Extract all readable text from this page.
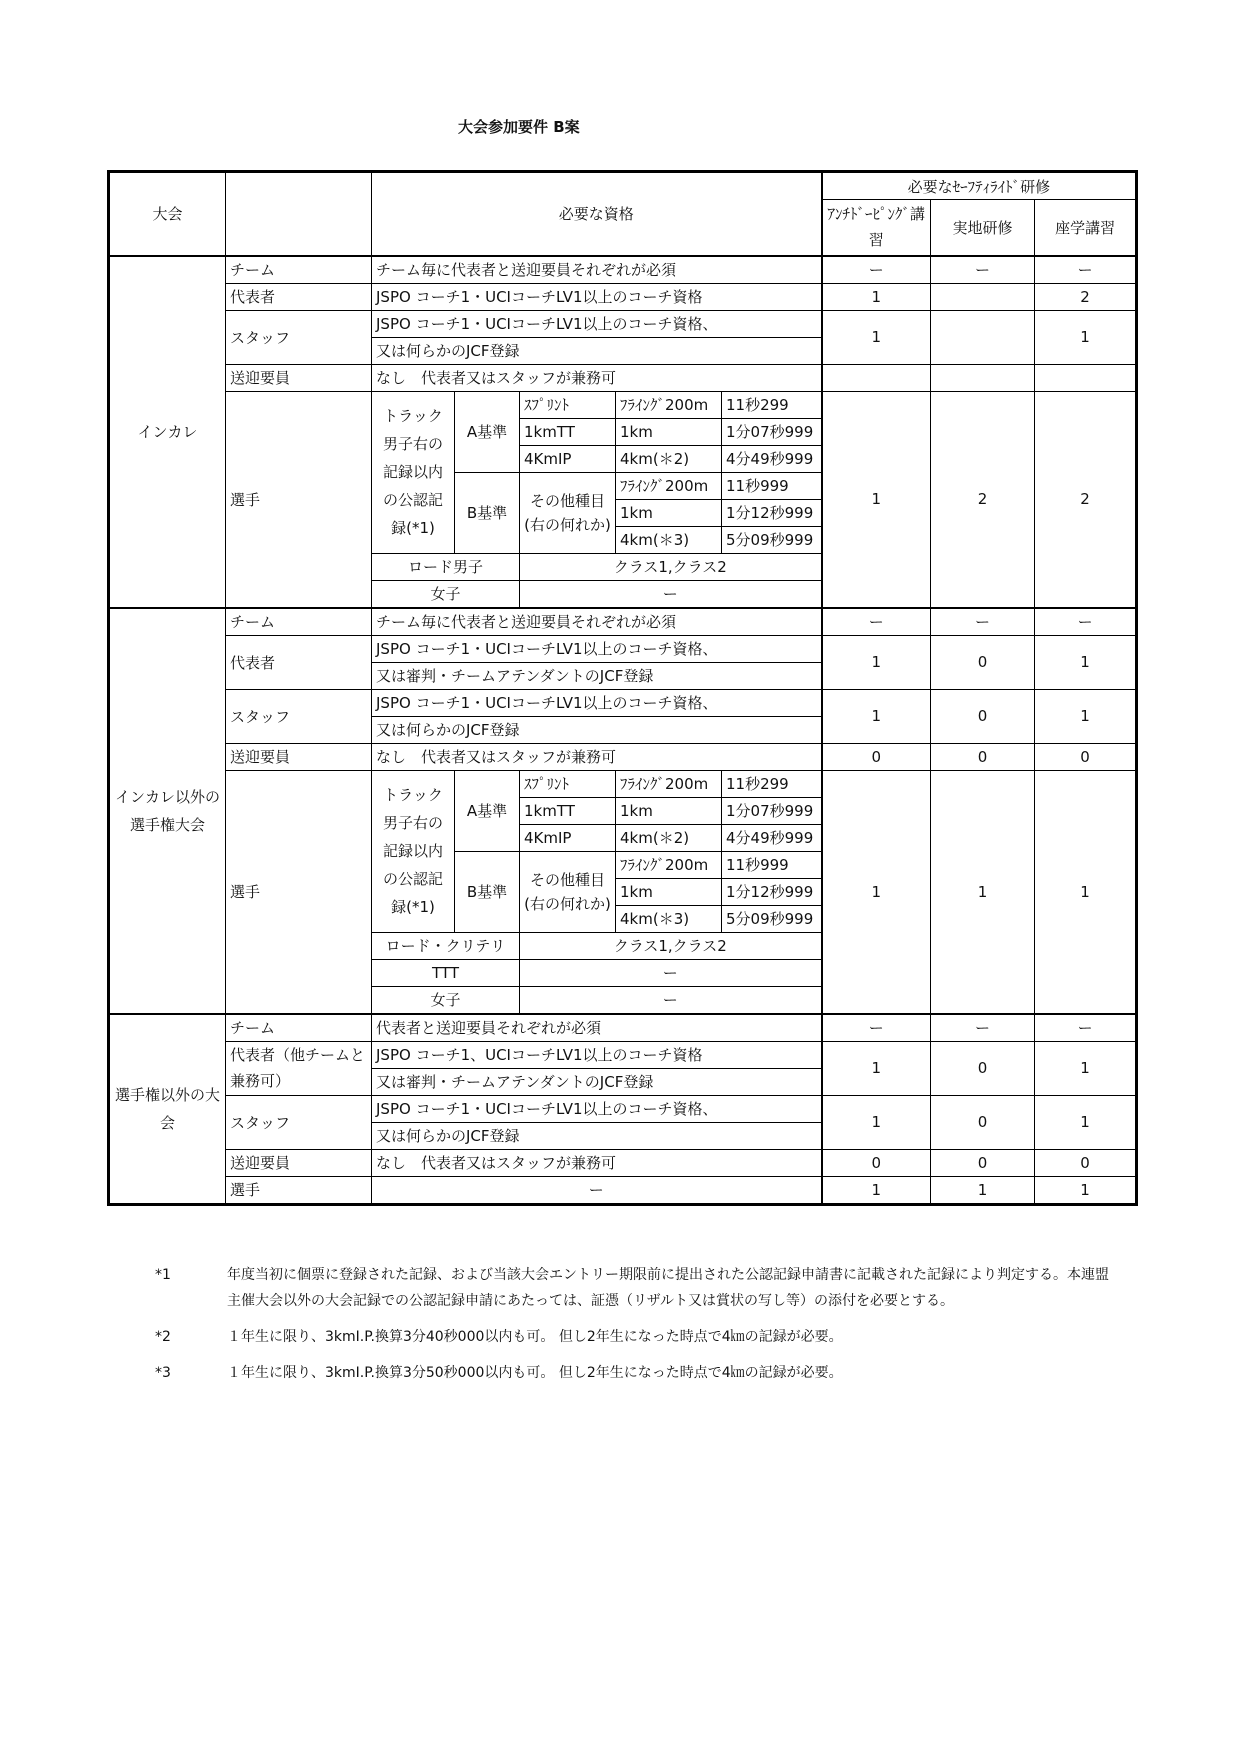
大会参加要件 B案
大会		必要な資格					必要なｾｰﾌﾃｨﾗｲﾄﾞ研修		
							ｱﾝﾁﾄﾞｰﾋﾟﾝｸﾞ講習	実地研修	座学講習
インカレ	チーム	チーム毎に代表者と送迎要員それぞれが必須					ー	ー	ー
	代表者	JSPO コーチ1・UCIコーチLV1以上のコーチ資格					1		2
	スタッフ	JSPO コーチ1・UCIコーチLV1以上のコーチ資格、					1		1
		又は何らかのJCF登録							
	送迎要員	なし　代表者又はスタッフが兼務可							
	選手	トラック男子右の記録以内の公認記録(*1)	A基準	ｽﾌﾟﾘﾝﾄ	ﾌﾗｲﾝｸﾞ200m	11秒299	1	2	2
				1kmTT	1km	1分07秒999			
				4KmIP	4km(＊2)	4分49秒999			
			B基準	その他種目(右の何れか)	ﾌﾗｲﾝｸﾞ200m	11秒999			
					1km	1分12秒999			
					4km(＊3)	5分09秒999			
		ロード男子		クラス1,クラス2					
		女子		ー					
インカレ以外の選手権大会	チーム	チーム毎に代表者と送迎要員それぞれが必須					ー	ー	ー
	代表者	JSPO コーチ1・UCIコーチLV1以上のコーチ資格、					1	0	1
		又は審判・チームアテンダントのJCF登録							
	スタッフ	JSPO コーチ1・UCIコーチLV1以上のコーチ資格、					1	0	1
		又は何らかのJCF登録							
	送迎要員	なし　代表者又はスタッフが兼務可					0	0	0
	選手	トラック男子右の記録以内の公認記録(*1)	A基準	ｽﾌﾟﾘﾝﾄ	ﾌﾗｲﾝｸﾞ200m	11秒299	1	1	1
				1kmTT	1km	1分07秒999			
				4KmIP	4km(＊2)	4分49秒999			
			B基準	その他種目(右の何れか)	ﾌﾗｲﾝｸﾞ200m	11秒999			
					1km	1分12秒999			
					4km(＊3)	5分09秒999			
		ロード・クリテリ		クラス1,クラス2					
		TTT		ー					
		女子		ー					
選手権以外の大会	チーム	代表者と送迎要員それぞれが必須					ー	ー	ー
	代表者（他チームと兼務可）	JSPO コーチ1、UCIコーチLV1以上のコーチ資格					1	0	1
		又は審判・チームアテンダントのJCF登録							
	スタッフ	JSPO コーチ1・UCIコーチLV1以上のコーチ資格、					1	0	1
		又は何らかのJCF登録							
	送迎要員	なし　代表者又はスタッフが兼務可					0	0	0
	選手	ー					1	1	1
*1	年度当初に個票に登録された記録、および当該大会エントリー期限前に提出された公認記録申請書に記載された記録により判定する。本連盟主催大会以外の大会記録での公認記録申請にあたっては、証憑（リザルト又は賞状の写し等）の添付を必要とする。
*2	１年生に限り、3kmI.P.換算3分40秒000以内も可。 但し2年生になった時点で4㎞の記録が必要。
*3	１年生に限り、3kmI.P.換算3分50秒000以内も可。 但し2年生になった時点で4㎞の記録が必要。
